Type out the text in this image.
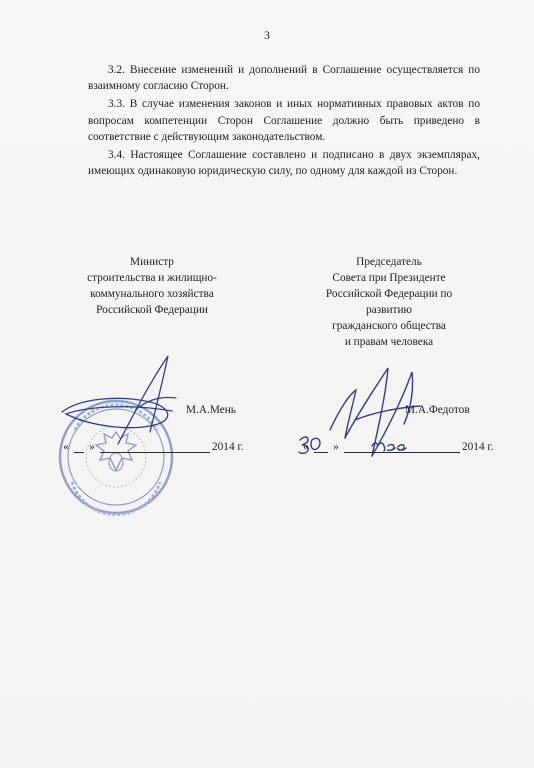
3

3.2. Внесение изменений и дополнений в Соглашение осуществляется по взаимному согласию Сторон.

3.3. В случае изменения законов и иных нормативных правовых актов по вопросам компетенции Сторон Соглашение должно быть приведено в соответствие с действующим законодательством.

3.4. Настоящее Соглашение составлено и подписано в двух экземплярах, имеющих одинаковую юридическую силу, по одному для каждой из Сторон.

Министр
строительства и жилищно-
коммунального хозяйства
Российской Федерации
Председатель
Совета при Президенте
Российской Федерации по
развитию
гражданского общества
и правам человека
М.А.Мень	М.А.Федотов
«	»	2014 г.	«	»	2014 г.
